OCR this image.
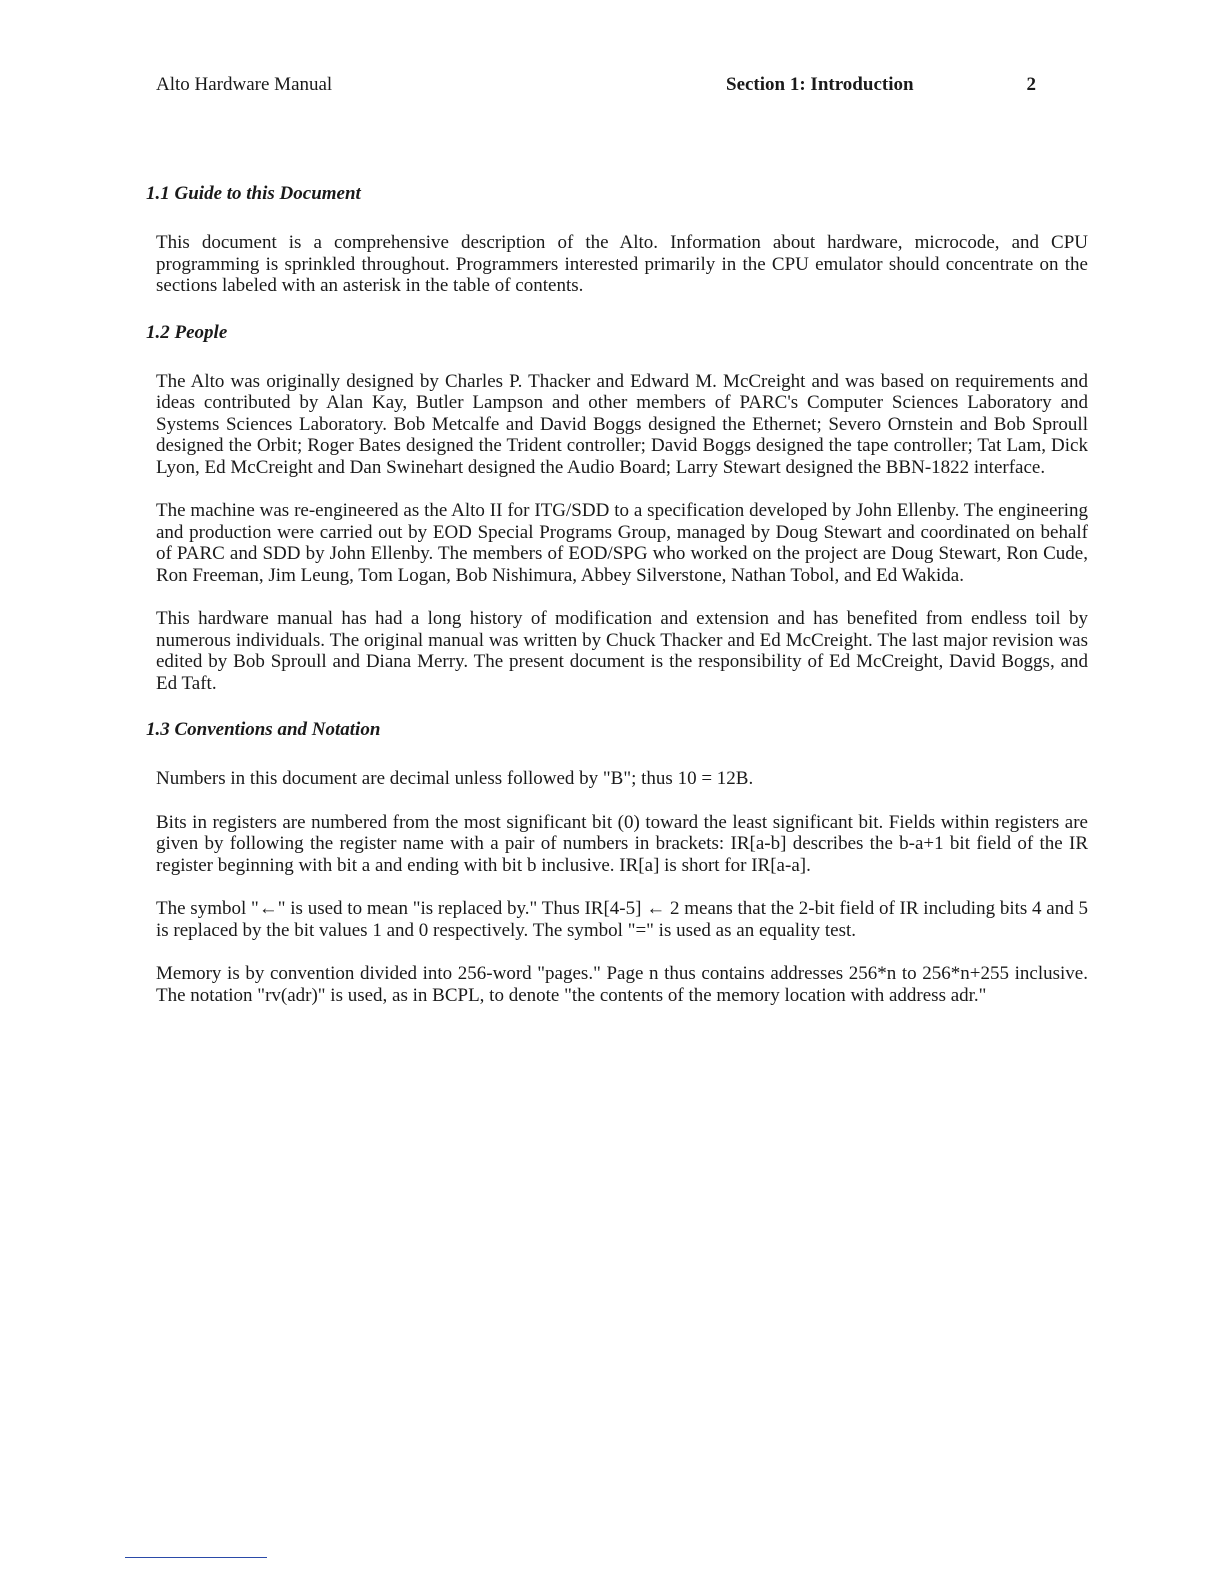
Alto Hardware Manual	Section 1: Introduction	2
1.1 Guide to this Document

This document is a comprehensive description of the Alto. Information about hardware, microcode, and CPU programming is sprinkled throughout. Programmers interested primarily in the CPU emulator should concentrate on the sections labeled with an asterisk in the table of contents.

1.2 People

The Alto was originally designed by Charles P. Thacker and Edward M. McCreight and was based on requirements and ideas contributed by Alan Kay, Butler Lampson and other members of PARC's Computer Sciences Laboratory and Systems Sciences Laboratory. Bob Metcalfe and David Boggs designed the Ethernet; Severo Ornstein and Bob Sproull designed the Orbit; Roger Bates designed the Trident controller; David Boggs designed the tape controller; Tat Lam, Dick Lyon, Ed McCreight and Dan Swinehart designed the Audio Board; Larry Stewart designed the BBN-1822 interface.

The machine was re-engineered as the Alto II for ITG/SDD to a specification developed by John Ellenby. The engineering and production were carried out by EOD Special Programs Group, managed by Doug Stewart and coordinated on behalf of PARC and SDD by John Ellenby. The members of EOD/SPG who worked on the project are Doug Stewart, Ron Cude, Ron Freeman, Jim Leung, Tom Logan, Bob Nishimura, Abbey Silverstone, Nathan Tobol, and Ed Wakida.

This hardware manual has had a long history of modification and extension and has benefited from endless toil by numerous individuals. The original manual was written by Chuck Thacker and Ed McCreight. The last major revision was edited by Bob Sproull and Diana Merry. The present document is the responsibility of Ed McCreight, David Boggs, and Ed Taft.

1.3 Conventions and Notation

Numbers in this document are decimal unless followed by "B"; thus 10 = 12B.

Bits in registers are numbered from the most significant bit (0) toward the least significant bit. Fields within registers are given by following the register name with a pair of numbers in brackets: IR[a-b] describes the b-a+1 bit field of the IR register beginning with bit a and ending with bit b inclusive. IR[a] is short for IR[a-a].

The symbol "←" is used to mean "is replaced by." Thus IR[4-5] ← 2 means that the 2-bit field of IR including bits 4 and 5 is replaced by the bit values 1 and 0 respectively. The symbol "=" is used as an equality test.

Memory is by convention divided into 256-word "pages." Page n thus contains addresses 256*n to 256*n+255 inclusive. The notation "rv(adr)" is used, as in BCPL, to denote "the contents of the memory location with address adr."
